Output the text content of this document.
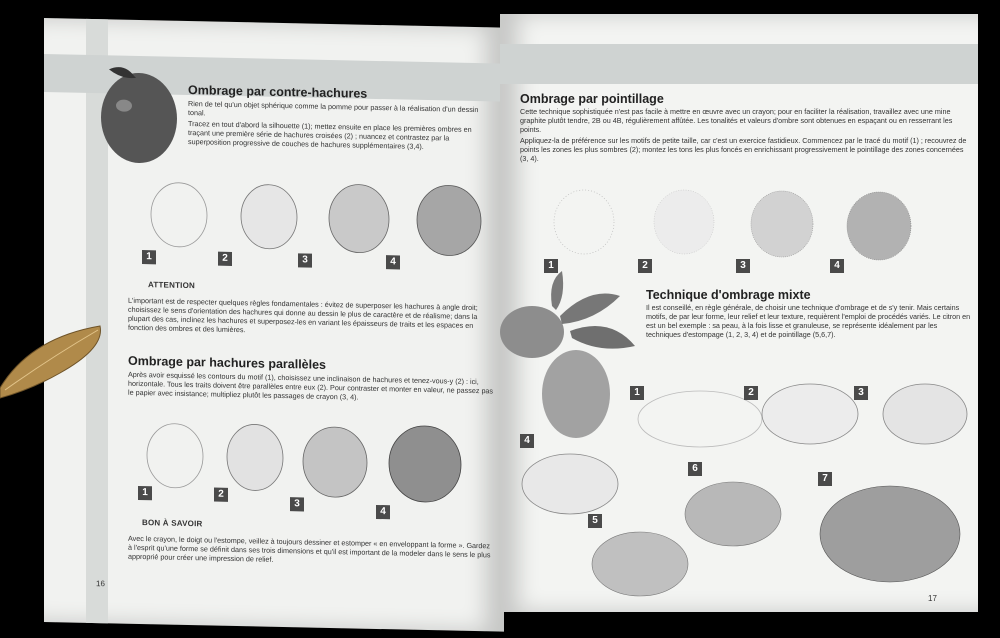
Ombrage par contre-hachures
Rien de tel qu'un objet sphérique comme la pomme pour passer à la réalisation d'un dessin tonal.
Tracez en tout d'abord la silhouette (1); mettez ensuite en place les premières ombres en traçant une première série de hachures croisées (2) ; nuancez et contrastez par la superposition progressive de couches de hachures supplémentaires (3,4).
1	2	3	4
ATTENTION
L'important est de respecter quelques règles fondamentales : évitez de superposer les hachures à angle droit; choisissez le sens d'orientation des hachures qui donne au dessin le plus de caractère et de réalisme; dans la plupart des cas, inclinez les hachures et superposez-les en variant les épaisseurs de traits et les espaces en fonction des ombres et des lumières.
Ombrage par hachures parallèles
Après avoir esquissé les contours du motif (1), choisissez une inclinaison de hachures et tenez-vous-y (2) : ici, horizontale. Tous les traits doivent être parallèles entre eux (2). Pour contraster et monter en valeur, ne passez pas le papier avec insistance; multipliez plutôt les passages de crayon (3, 4).
1	2
3
4
BON À SAVOIR
Avec le crayon, le doigt ou l'estompe, veillez à toujours dessiner et estomper « en enveloppant la forme ». Gardez à l'esprit qu'une forme se définit dans ses trois dimensions et qu'il est important de la modeler dans le sens le plus approprié pour créer une impression de relief.
16
Ombrage par pointillage
Cette technique sophistiquée n'est pas facile à mettre en œuvre avec un crayon; pour en faciliter la réalisation, travaillez avec une mine graphite plutôt tendre, 2B ou 4B, régulièrement affûtée. Les tonalités et valeurs d'ombre sont obtenues en espaçant ou en resserrant les points.
Appliquez-la de préférence sur les motifs de petite taille, car c'est un exercice fastidieux. Commencez par le tracé du motif (1) ; recouvrez de points les zones les plus sombres (2); montez les tons les plus foncés en enrichissant progressivement le pointillage des zones concernées (3, 4).
1	2	3	4
Technique d'ombrage mixte
Il est conseillé, en règle générale, de choisir une technique d'ombrage et de s'y tenir. Mais certains motifs, de par leur forme, leur relief et leur texture, requièrent l'emploi de procédés variés. Le citron en est un bel exemple : sa peau, à la fois lisse et granuleuse, se représente idéalement par les techniques d'estompage (1, 2, 3, 4) et de pointillage (5,6,7).
1	2	3
4
5
6
7
17
